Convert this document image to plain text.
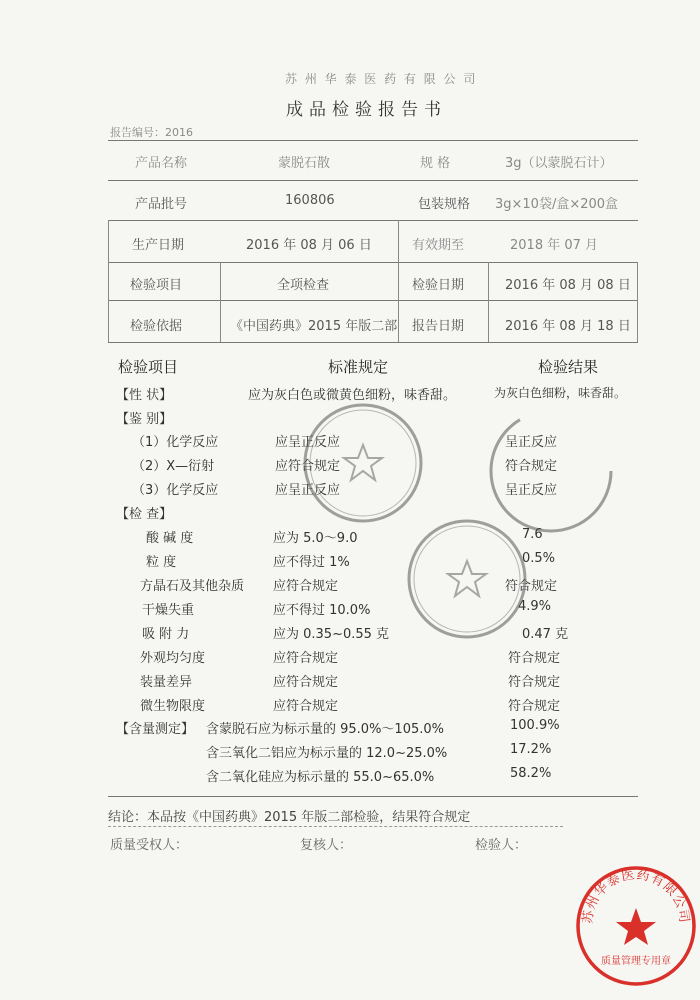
苏 州 华 泰 医 药 有 限 公 司
成品检验报告书
报告编号：2016
产品名称	蒙脱石散	规 格	3g（以蒙脱石计）
产品批号	160806	包装规格 3g×10袋/盒×200盒
生产日期	2016 年 08 月 06 日	有效期至	2018 年 07 月
检验项目	全项检查	检验日期	2016 年 08 月 08 日
检验依据	《中国药典》2015 年版二部 报告日期	2016 年 08 月 18 日
检验项目	标准规定	检验结果
【性 状】	应为灰白色或微黄色细粉，味香甜。	为灰白色细粉，味香甜。
【鉴 别】
（1）化学反应	应呈正反应	呈正反应
（2）X—衍射	应符合规定	符合规定
（3）化学反应	应呈正反应	呈正反应
【检 查】
酸 碱 度	应为 5.0～9.0	7.6
粒 度	应不得过 1%	0.5%
方晶石及其他杂质 应符合规定	符合规定
干燥失重	应不得过 10.0%	4.9%
吸 附 力	应为 0.35~0.55 克	0.47 克
外观均匀度	应符合规定	符合规定
装量差异	应符合规定	符合规定
微生物限度	应符合规定	符合规定
【含量测定】 含蒙脱石应为标示量的 95.0%～105.0%	100.9%
含三氧化二铝应为标示量的 12.0~25.0%	17.2%
含二氧化硅应为标示量的 55.0~65.0%	58.2%
结论：本品按《中国药典》2015 年版二部检验，结果符合规定
质量受权人：	复核人：	检验人：
苏州华泰医药有限公司
质量管理专用章
